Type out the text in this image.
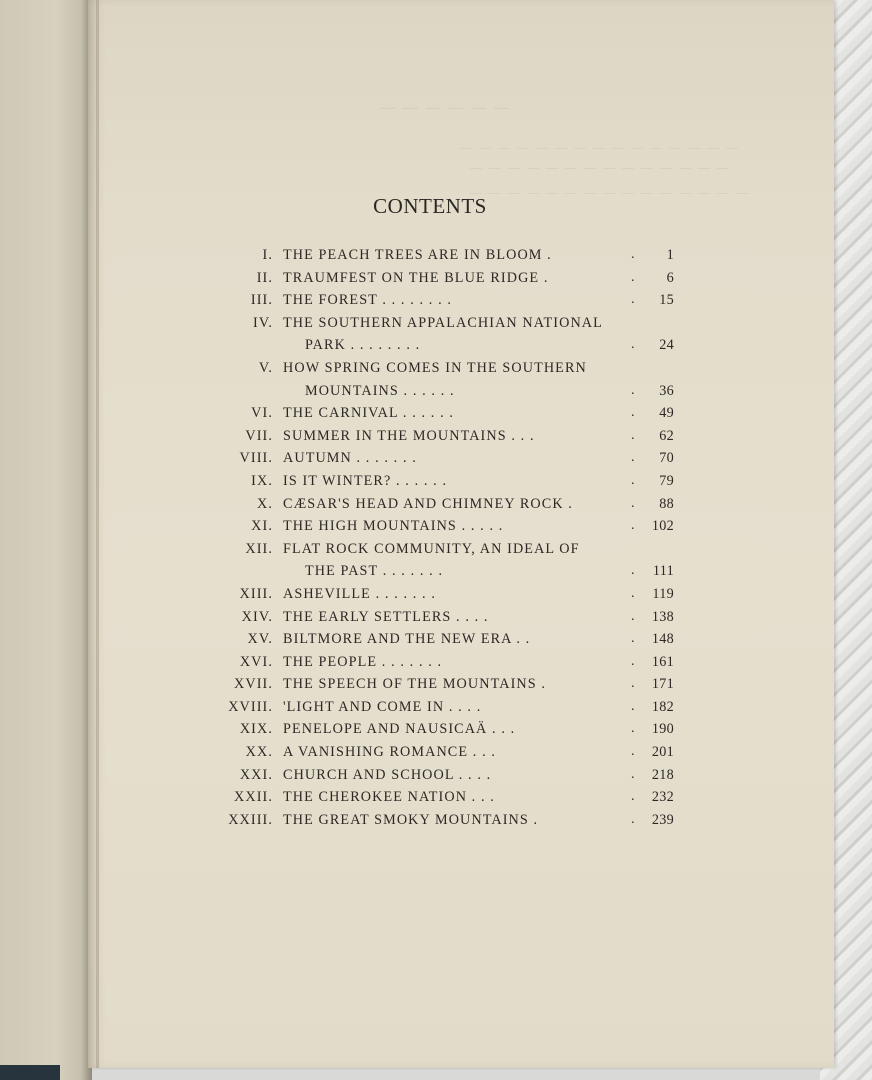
— — — — — —
— — — — — — — — — — — — — — —
— — — — — — — — — — — — — —
— — — — — — — — — — — — — — —
CONTENTS
I. THE PEACH TREES ARE IN BLOOM .	.	1
II. TRAUMFEST ON THE BLUE RIDGE .	.	6
III. THE FOREST . . . . . . . .	.	15
IV. THE SOUTHERN APPALACHIAN NATIONAL
PARK . . . . . . . .	.	24
V. HOW SPRING COMES IN THE SOUTHERN
MOUNTAINS . . . . . .	.	36
VI. THE CARNIVAL . . . . . .	.	49
VII. SUMMER IN THE MOUNTAINS . . .	.	62
VIII. AUTUMN . . . . . . .	.	70
IX. IS IT WINTER? . . . . . .	.	79
X. CÆSAR'S HEAD AND CHIMNEY ROCK .	.	88
XI. THE HIGH MOUNTAINS . . . . .	.	102
XII. FLAT ROCK COMMUNITY, AN IDEAL OF
THE PAST . . . . . . .	.	111
XIII. ASHEVILLE . . . . . . .	.	119
XIV. THE EARLY SETTLERS . . . .	.	138
XV. BILTMORE AND THE NEW ERA . .	.	148
XVI. THE PEOPLE . . . . . . .	.	161
XVII. THE SPEECH OF THE MOUNTAINS .	.	171
XVIII. 'LIGHT AND COME IN . . . .	.	182
XIX. PENELOPE AND NAUSICAÄ . . .	.	190
XX. A VANISHING ROMANCE . . .	.	201
XXI. CHURCH AND SCHOOL . . . .	.	218
XXII. THE CHEROKEE NATION . . .	.	232
XXIII. THE GREAT SMOKY MOUNTAINS .	.	239
